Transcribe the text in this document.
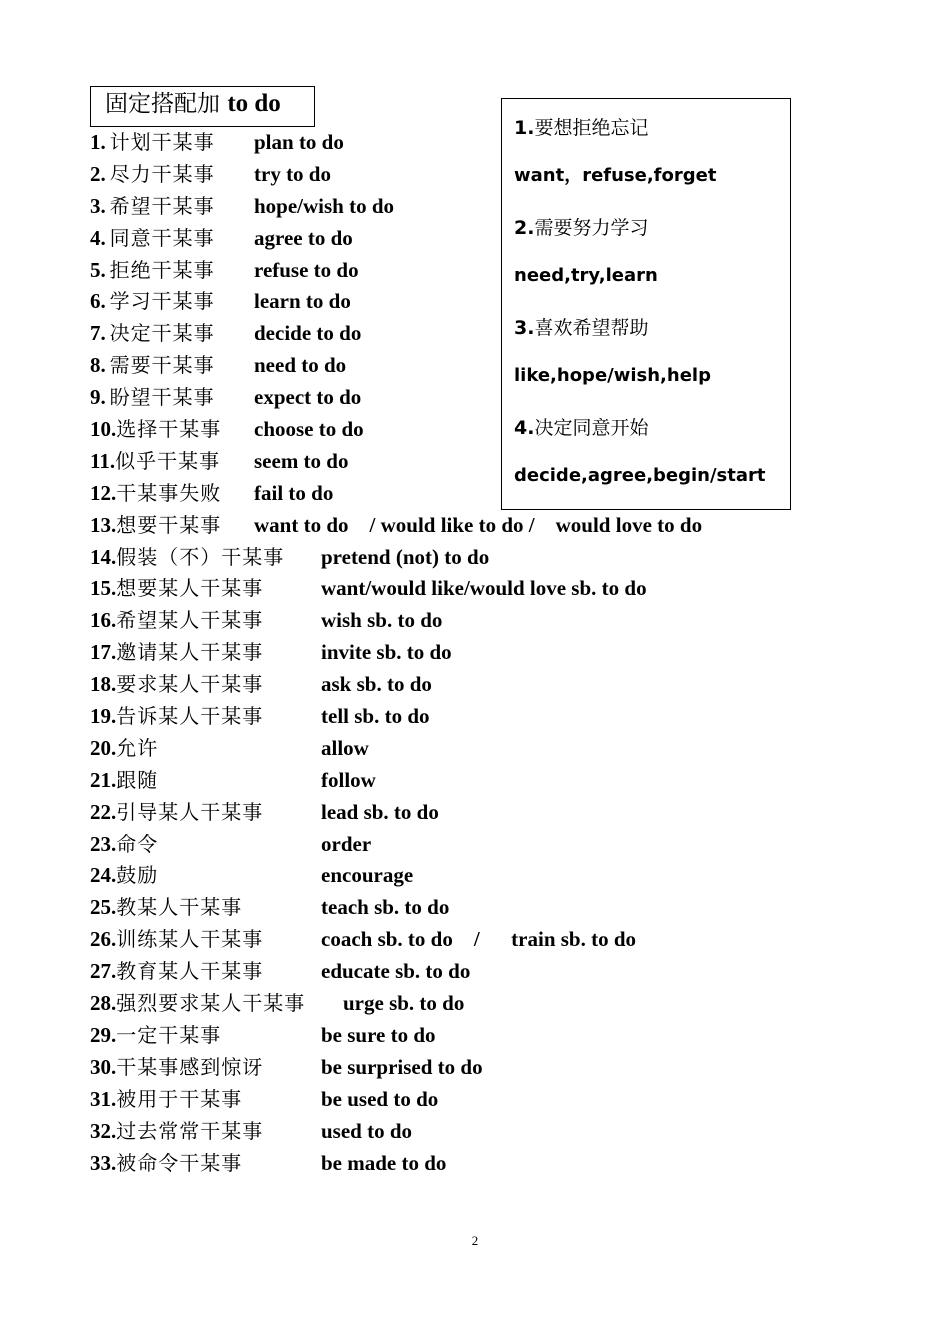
固定搭配加 to do
1. 计划干某事 plan to do
2. 尽力干某事 try to do
3. 希望干某事 hope/wish to do
4. 同意干某事 agree to do
5. 拒绝干某事 refuse to do
6. 学习干某事 learn to do
7. 决定干某事 decide to do
8. 需要干某事 need to do
9. 盼望干某事 expect to do
10.选择干某事 choose to do
11.似乎干某事 seem to do
12.干某事失败 fail to do
13.想要干某事 want to do    / would like to do /    would love to do
14.假装（不）干某事 pretend (not) to do
15.想要某人干某事	want/would like/would love sb. to do
16.希望某人干某事	wish sb. to do
17.邀请某人干某事	invite sb. to do
18.要求某人干某事	ask sb. to do
19.告诉某人干某事	tell sb. to do
20.允许	allow
21.跟随	follow
22.引导某人干某事	lead sb. to do
23.命令	order
24.鼓励	encourage
25.教某人干某事	teach sb. to do
26.训练某人干某事	coach sb. to do    /      train sb. to do
27.教育某人干某事	educate sb. to do
28.强烈要求某人干某事 urge sb. to do
29.一定干某事	be sure to do
30.干某事感到惊讶	be surprised to do
31.被用于干某事	be used to do
32.过去常常干某事	used to do
33.被命令干某事	be made to do
1.要想拒绝忘记
want，refuse,forget
2.需要努力学习
need,try,learn
3.喜欢希望帮助
like,hope/wish,help
4.决定同意开始
decide,agree,begin/start
2
